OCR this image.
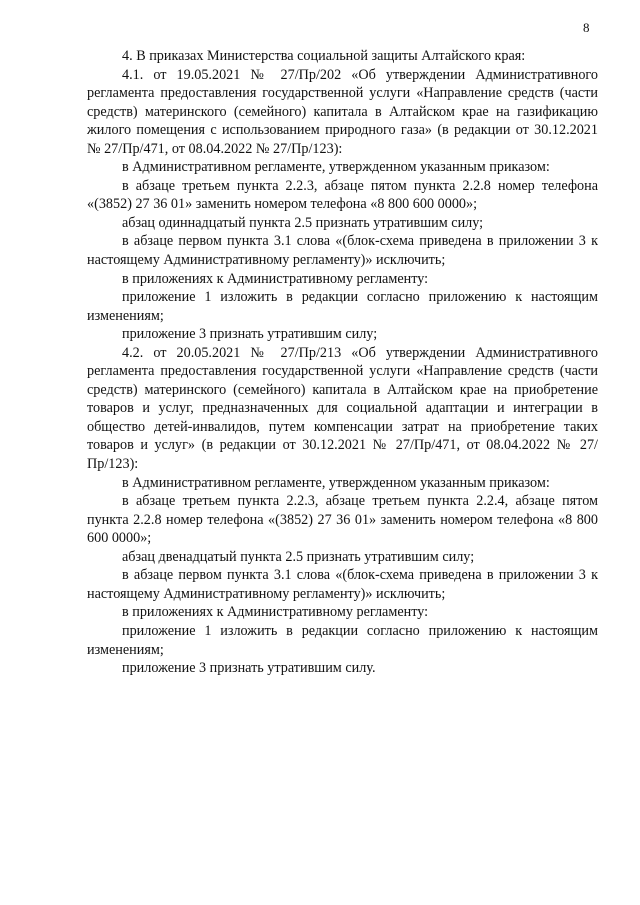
8

4. В приказах Министерства социальной защиты Алтайского края:

4.1. от 19.05.2021 № 27/Пр/202 «Об утверждении Административного регламента предоставления государственной услуги «Направление средств (части средств) материнского (семейного) капитала в Алтайском крае на газификацию жилого помещения с использованием природного газа» (в редакции от 30.12.2021 № 27/Пр/471, от 08.04.2022 № 27/Пр/123):

в Административном регламенте, утвержденном указанным приказом:

в абзаце третьем пункта 2.2.3, абзаце пятом пункта 2.2.8 номер телефона «(3852) 27 36 01» заменить номером телефона «8 800 600 0000»;

абзац одиннадцатый пункта 2.5 признать утратившим силу;

в абзаце первом пункта 3.1 слова «(блок-схема приведена в приложении 3 к настоящему Административному регламенту)» исключить;

в приложениях к Административному регламенту:

приложение 1 изложить в редакции согласно приложению к настоящим изменениям;

приложение 3 признать утратившим силу;

4.2. от 20.05.2021 № 27/Пр/213 «Об утверждении Административного регламента предоставления государственной услуги «Направление средств (части средств) материнского (семейного) капитала в Алтайском крае на приобретение товаров и услуг, предназначенных для социальной адаптации и интеграции в общество детей-инвалидов, путем компенсации затрат на приобретение таких товаров и услуг» (в редакции от 30.12.2021 № 27/Пр/471, от 08.04.2022 № 27/Пр/123):

в Административном регламенте, утвержденном указанным приказом:

в абзаце третьем пункта 2.2.3, абзаце третьем пункта 2.2.4, абзаце пятом пункта 2.2.8 номер телефона «(3852) 27 36 01» заменить номером телефона «8 800 600 0000»;

абзац двенадцатый пункта 2.5 признать утратившим силу;

в абзаце первом пункта 3.1 слова «(блок-схема приведена в приложении 3 к настоящему Административному регламенту)» исключить;

в приложениях к Административному регламенту:

приложение 1 изложить в редакции согласно приложению к настоящим изменениям;

приложение 3 признать утратившим силу.
